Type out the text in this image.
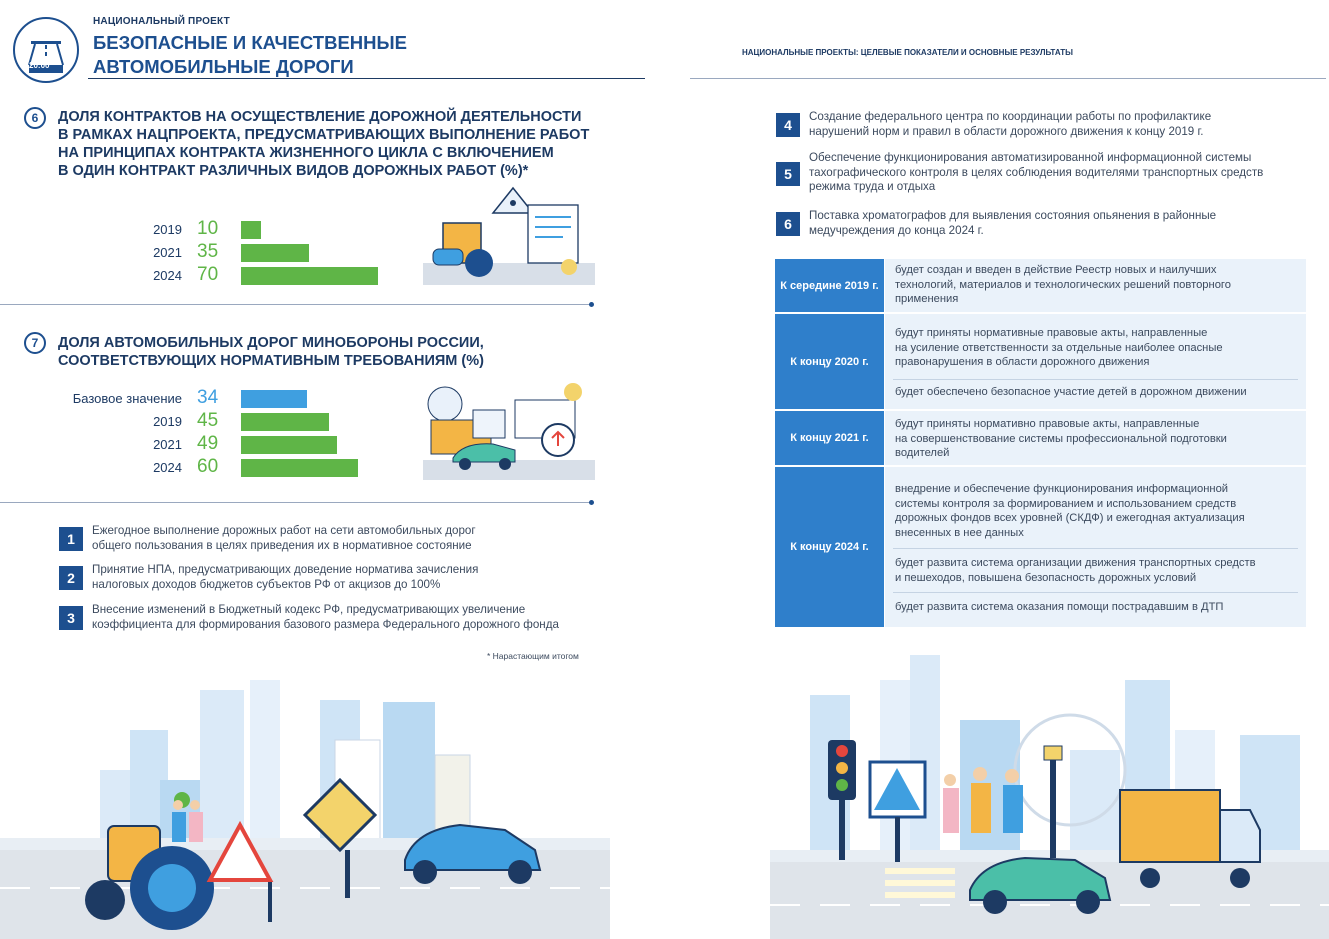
20:00
НАЦИОНАЛЬНЫЙ ПРОЕКТ
БЕЗОПАСНЫЕ И КАЧЕСТВЕННЫЕ
АВТОМОБИЛЬНЫЕ ДОРОГИ
НАЦИОНАЛЬНЫЕ ПРОЕКТЫ: ЦЕЛЕВЫЕ ПОКАЗАТЕЛИ И ОСНОВНЫЕ РЕЗУЛЬТАТЫ
6	ДОЛЯ КОНТРАКТОВ НА ОСУЩЕСТВЛЕНИЕ ДОРОЖНОЙ ДЕЯТЕЛЬНОСТИ
В РАМКАХ НАЦПРОЕКТА, ПРЕДУСМАТРИВАЮЩИХ ВЫПОЛНЕНИЕ РАБОТ
НА ПРИНЦИПАХ КОНТРАКТА ЖИЗНЕННОГО ЦИКЛА С ВКЛЮЧЕНИЕМ
В ОДИН КОНТРАКТ РАЗЛИЧНЫХ ВИДОВ ДОРОЖНЫХ РАБОТ (%)*
2019 10
2021 35
2024 70
7	ДОЛЯ АВТОМОБИЛЬНЫХ ДОРОГ МИНОБОРОНЫ РОССИИ,
СООТВЕТСТВУЮЩИХ НОРМАТИВНЫМ ТРЕБОВАНИЯМ (%)
Базовое значение 34
2019 45
2021 49
2024 60
1
Ежегодное выполнение дорожных работ на сети автомобильных дорог
общего пользования в целях приведения их в нормативное состояние
2
Принятие НПА, предусматривающих доведение норматива зачисления
налоговых доходов бюджетов субъектов РФ от акцизов до 100%
3
Внесение изменений в Бюджетный кодекс РФ, предусматривающих увеличение
коэффициента для формирования базового размера Федерального дорожного фонда
* Нарастающим итогом
4
Создание федерального центра по координации работы по профилактике
нарушений норм и правил в области дорожного движения к концу 2019 г.
5
Обеспечение функционирования автоматизированной информационной системы
тахографического контроля в целях соблюдения водителями транспортных средств
режима труда и отдыха
6
Поставка хроматографов для выявления состояния опьянения в районные
медучреждения до конца 2024 г.
К середине 2019 г.
будет создан и введен в действие Реестр новых и наилучших
технологий, материалов и технологических решений повторного
применения
К концу 2020 г.
будут приняты нормативные правовые акты, направленные
на усиление ответственности за отдельные наиболее опасные
правонарушения в области дорожного движения
будет обеспечено безопасное участие детей в дорожном движении
К концу 2021 г.
будут приняты нормативно правовые акты, направленные
на совершенствование системы профессиональной подготовки
водителей
К концу 2024 г.
внедрение и обеспечение функционирования информационной
системы контроля за формированием и использованием средств
дорожных фондов всех уровней (СКДФ) и ежегодная актуализация
внесенных в нее данных
будет развита система организации движения транспортных средств
и пешеходов, повышена безопасность дорожных условий
будет развита система оказания помощи пострадавшим в ДТП
